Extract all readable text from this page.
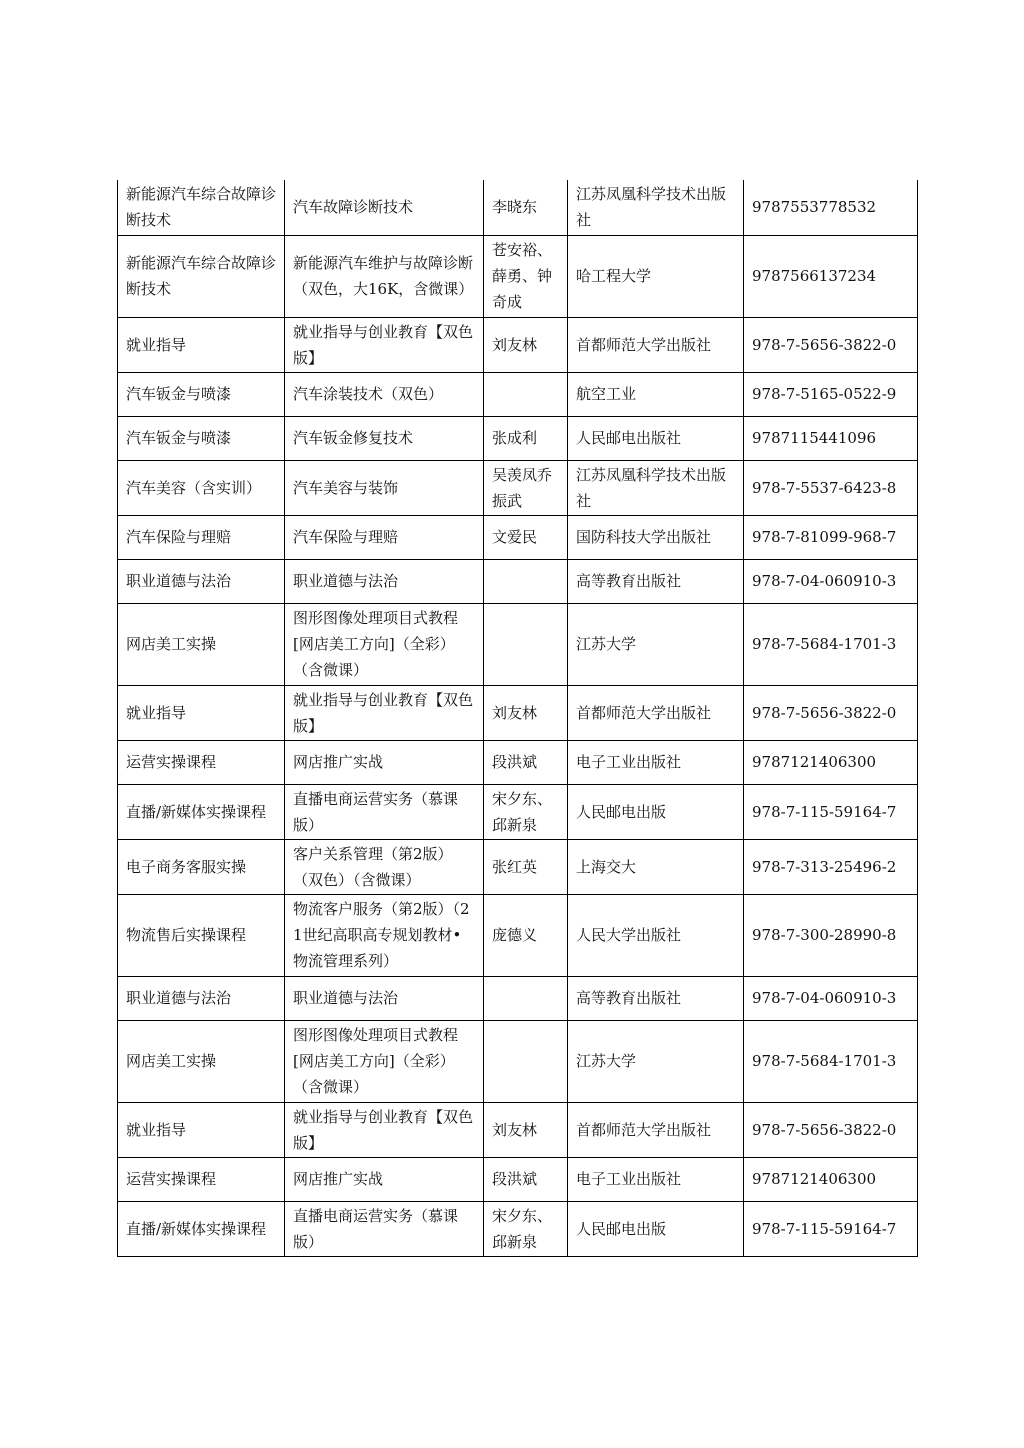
新能源汽车综合故障诊断技术	汽车故障诊断技术	李晓东	江苏凤凰科学技术出版社	9787553778532
新能源汽车综合故障诊断技术	新能源汽车维护与故障诊断（双色，大16K，含微课）	苍安裕、薛勇、钟奇成	哈工程大学	9787566137234
就业指导	就业指导与创业教育【双色版】	刘友林	首都师范大学出版社	978-7-5656-3822-0
汽车钣金与喷漆	汽车涂装技术（双色）		航空工业	978-7-5165-0522-9
汽车钣金与喷漆	汽车钣金修复技术	张成利	人民邮电出版社	9787115441096
汽车美容（含实训）	汽车美容与装饰	吴羡凤乔振武	江苏凤凰科学技术出版社	978-7-5537-6423-8
汽车保险与理赔	汽车保险与理赔	文爱民	国防科技大学出版社	978-7-81099-968-7
职业道德与法治	职业道德与法治		高等教育出版社	978-7-04-060910-3
网店美工实操	图形图像处理项目式教程[网店美工方向]（全彩）（含微课）		江苏大学	978-7-5684-1701-3
就业指导	就业指导与创业教育【双色版】	刘友林	首都师范大学出版社	978-7-5656-3822-0
运营实操课程	网店推广实战	段洪斌	电子工业出版社	9787121406300
直播/新媒体实操课程	直播电商运营实务（慕课版）	宋夕东、邱新泉	人民邮电出版	978-7-115-59164-7
电子商务客服实操	客户关系管理（第2版）（双色）（含微课）	张红英	上海交大	978-7-313-25496-2
物流售后实操课程	物流客户服务（第2版）（21世纪高职高专规划教材•物流管理系列）	庞德义	人民大学出版社	978-7-300-28990-8
职业道德与法治	职业道德与法治		高等教育出版社	978-7-04-060910-3
网店美工实操	图形图像处理项目式教程[网店美工方向]（全彩）（含微课）		江苏大学	978-7-5684-1701-3
就业指导	就业指导与创业教育【双色版】	刘友林	首都师范大学出版社	978-7-5656-3822-0
运营实操课程	网店推广实战	段洪斌	电子工业出版社	9787121406300
直播/新媒体实操课程	直播电商运营实务（慕课版）	宋夕东、邱新泉	人民邮电出版	978-7-115-59164-7
